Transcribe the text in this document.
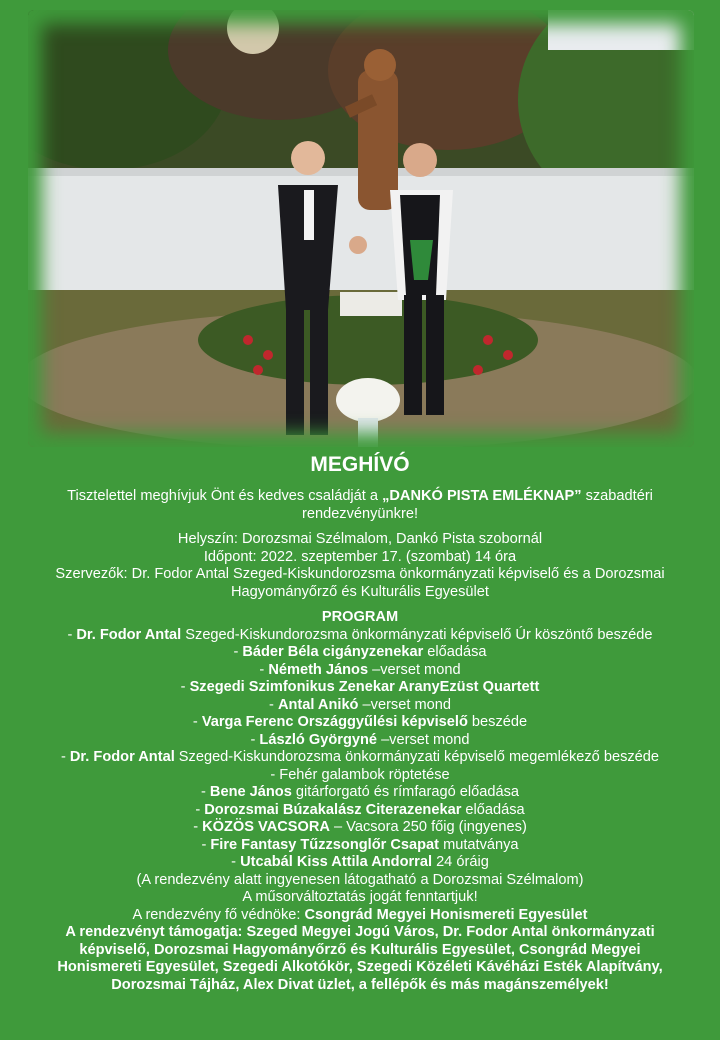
MEGHÍVÓ

Tisztelettel meghívjuk Önt és kedves családját a „DANKÓ PISTA EMLÉKNAP” szabadtéri

rendezvényünkre!

Helyszín: Dorozsmai Szélmalom, Dankó Pista szobornál

Időpont: 2022. szeptember 17. (szombat) 14 óra

Szervezők: Dr. Fodor Antal Szeged-Kiskundorozsma önkormányzati képviselő és a Dorozsmai

Hagyományőrző és Kulturális Egyesület

PROGRAM
- Dr. Fodor Antal Szeged-Kiskundorozsma önkormányzati képviselő Úr köszöntő beszéde
- Báder Béla cigányzenekar előadása
- Németh János –verset mond
- Szegedi Szimfonikus Zenekar AranyEzüst Quartett
- Antal Anikó –verset mond
- Varga Ferenc Országgyűlési képviselő beszéde
- László Györgyné –verset mond
- Dr. Fodor Antal Szeged-Kiskundorozsma önkormányzati képviselő megemlékező beszéde
- Fehér galambok röptetése
- Bene János gitárforgató és rímfaragó előadása
- Dorozsmai Búzakalász Citerazenekar előadása
- KÖZÖS VACSORA – Vacsora 250 főig (ingyenes)
- Fire Fantasy Tűzzsonglőr Csapat mutatványa
- Utcabál Kiss Attila Andorral 24 óráig

(A rendezvény alatt ingyenesen látogatható a Dorozsmai Szélmalom)

A műsorváltoztatás jogát fenntartjuk!

A rendezvény fő védnöke: Csongrád Megyei Honismereti Egyesület

A rendezvényt támogatja: Szeged Megyei Jogú Város, Dr. Fodor Antal önkormányzati
képviselő, Dorozsmai Hagyományőrző és Kulturális Egyesület, Csongrád Megyei
Honismereti Egyesület, Szegedi Alkotókör, Szegedi Közéleti Kávéházi Esték Alapítvány,
Dorozsmai Tájház, Alex Divat üzlet, a fellépők és más magánszemélyek!
